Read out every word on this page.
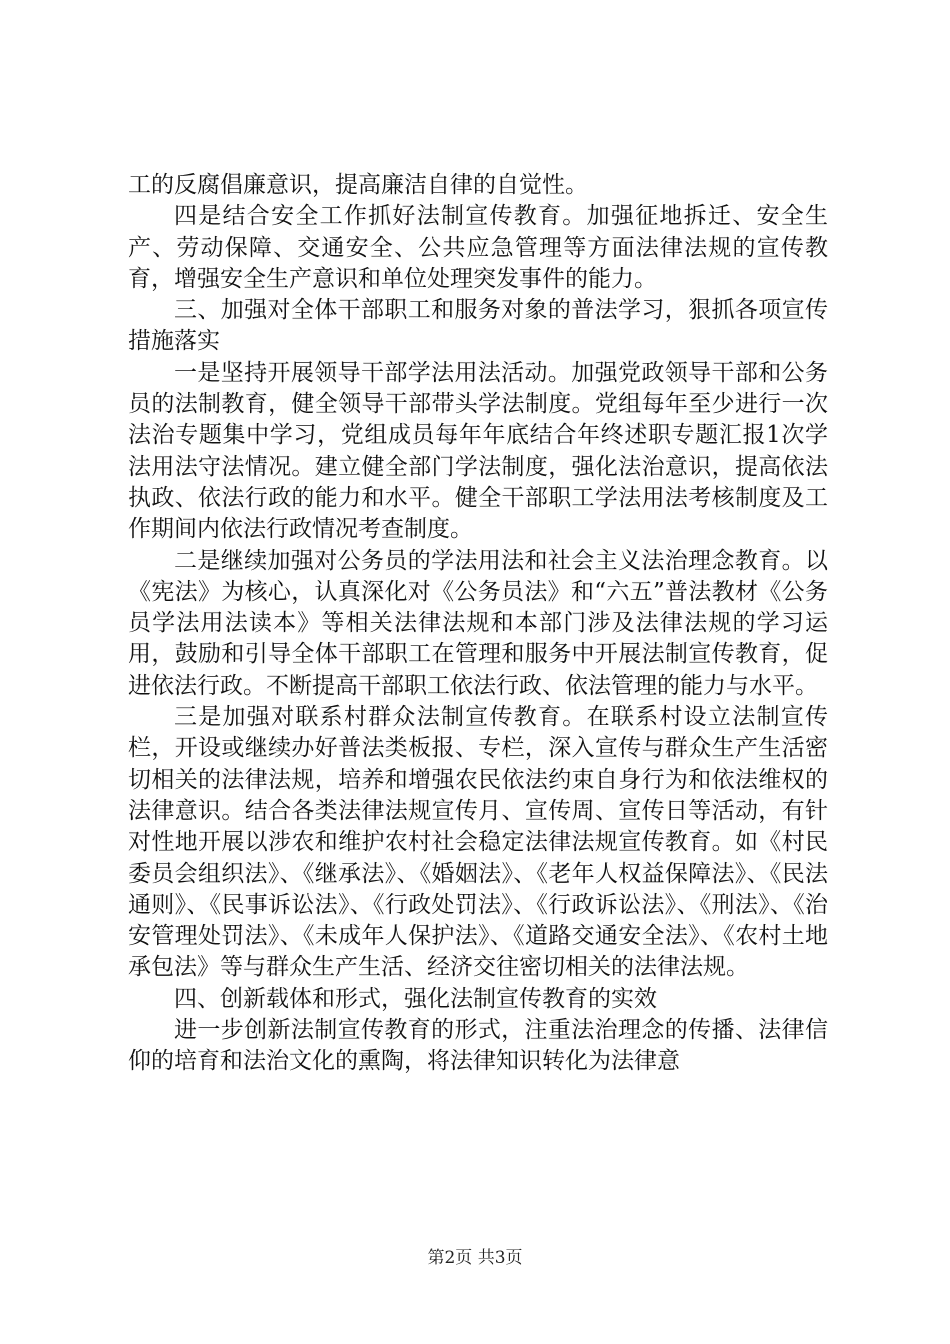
工的反腐倡廉意识，提高廉洁自律的自觉性。

四是结合安全工作抓好法制宣传教育。加强征地拆迁、安全生产、劳动保障、交通安全、公共应急管理等方面法律法规的宣传教育，增强安全生产意识和单位处理突发事件的能力。

三、加强对全体干部职工和服务对象的普法学习，狠抓各项宣传措施落实

一是坚持开展领导干部学法用法活动。加强党政领导干部和公务员的法制教育，健全领导干部带头学法制度。党组每年至少进行一次法治专题集中学习，党组成员每年年底结合年终述职专题汇报1次学法用法守法情况。建立健全部门学法制度，强化法治意识，提高依法执政、依法行政的能力和水平。健全干部职工学法用法考核制度及工作期间内依法行政情况考查制度。

二是继续加强对公务员的学法用法和社会主义法治理念教育。以《宪法》为核心，认真深化对《公务员法》和“六五”普法教材《公务员学法用法读本》等相关法律法规和本部门涉及法律法规的学习运用，鼓励和引导全体干部职工在管理和服务中开展法制宣传教育，促进依法行政。不断提高干部职工依法行政、依法管理的能力与水平。

三是加强对联系村群众法制宣传教育。在联系村设立法制宣传栏，开设或继续办好普法类板报、专栏，深入宣传与群众生产生活密切相关的法律法规，培养和增强农民依法约束自身行为和依法维权的法律意识。结合各类法律法规宣传月、宣传周、宣传日等活动，有针对性地开展以涉农和维护农村社会稳定法律法规宣传教育。如《村民委员会组织法》、《继承法》、《婚姻法》、《老年人权益保障法》、《民法通则》、《民事诉讼法》、《行政处罚法》、《行政诉讼法》、《刑法》、《治安管理处罚法》、《未成年人保护法》、《道路交通安全法》、《农村土地承包法》等与群众生产生活、经济交往密切相关的法律法规。

四、创新载体和形式，强化法制宣传教育的实效

进一步创新法制宣传教育的形式，注重法治理念的传播、法律信仰的培育和法治文化的熏陶，将法律知识转化为法律意

第2页 共3页
